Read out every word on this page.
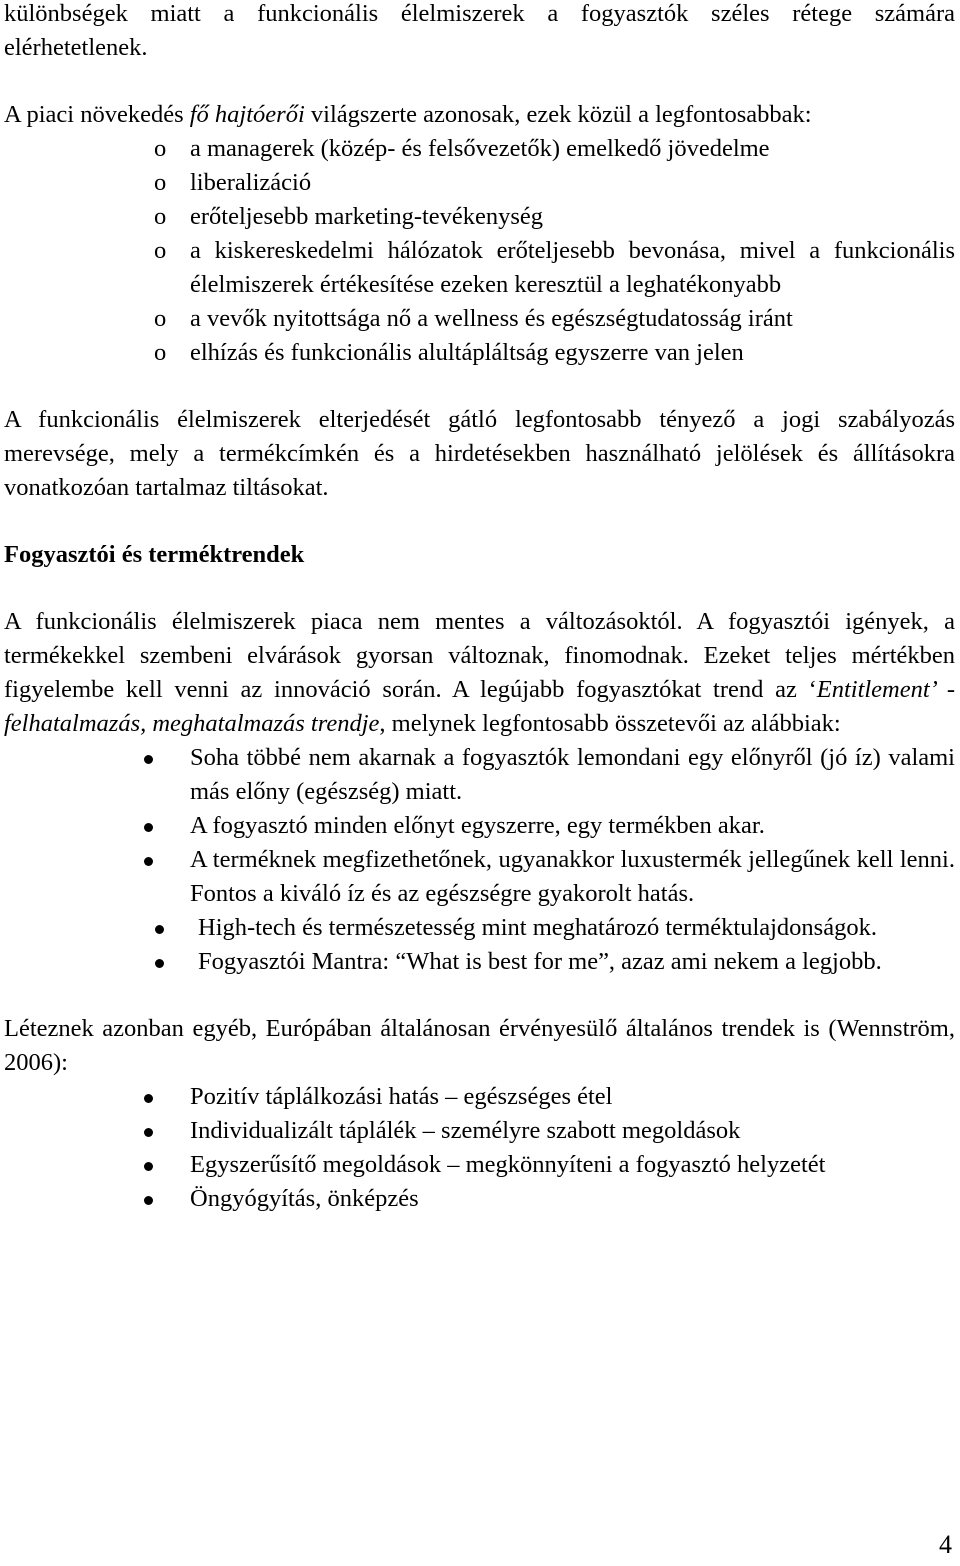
különbségek miatt a funkcionális élelmiszerek a fogyasztók széles rétege számára elérhetetlenek.

A piaci növekedés fő hajtóerői világszerte azonosak, ezek közül a legfontosabbak:

o a managerek (közép- és felsővezetők) emelkedő jövedelme
o liberalizáció
o erőteljesebb marketing-tevékenység
o a kiskereskedelmi hálózatok erőteljesebb bevonása, mivel a funkcionális élelmiszerek értékesítése ezeken keresztül a leghatékonyabb
o a vevők nyitottsága nő a wellness és egészségtudatosság iránt
o elhízás és funkcionális alultápláltság egyszerre van jelen

A funkcionális élelmiszerek elterjedését gátló legfontosabb tényező a jogi szabályozás merevsége, mely a termékcímkén és a hirdetésekben használható jelölések és állításokra vonatkozóan tartalmaz tiltásokat.

Fogyasztói és terméktrendek

A funkcionális élelmiszerek piaca nem mentes a változásoktól. A fogyasztói igények, a termékekkel szembeni elvárások gyorsan változnak, finomodnak. Ezeket teljes mértékben figyelembe kell venni az innováció során. A legújabb fogyasztókat trend az ‘Entitlement’ -felhatalmazás, meghatalmazás trendje, melynek legfontosabb összetevői az alábbiak:

Soha többé nem akarnak a fogyasztók lemondani egy előnyről (jó íz) valami más előny (egészség) miatt.
A fogyasztó minden előnyt egyszerre, egy termékben akar.
A terméknek megfizethetőnek, ugyanakkor luxustermék jellegűnek kell lenni. Fontos a kiváló íz és az egészségre gyakorolt hatás.
High-tech és természetesség mint meghatározó terméktulajdonságok.
Fogyasztói Mantra: “What is best for me”, azaz ami nekem a legjobb.

Léteznek azonban egyéb, Európában általánosan érvényesülő általános trendek is (Wennström, 2006):

Pozitív táplálkozási hatás – egészséges étel
Individualizált táplálék – személyre szabott megoldások
Egyszerűsítő megoldások – megkönnyíteni a fogyasztó helyzetét
Öngyógyítás, önképzés
4
